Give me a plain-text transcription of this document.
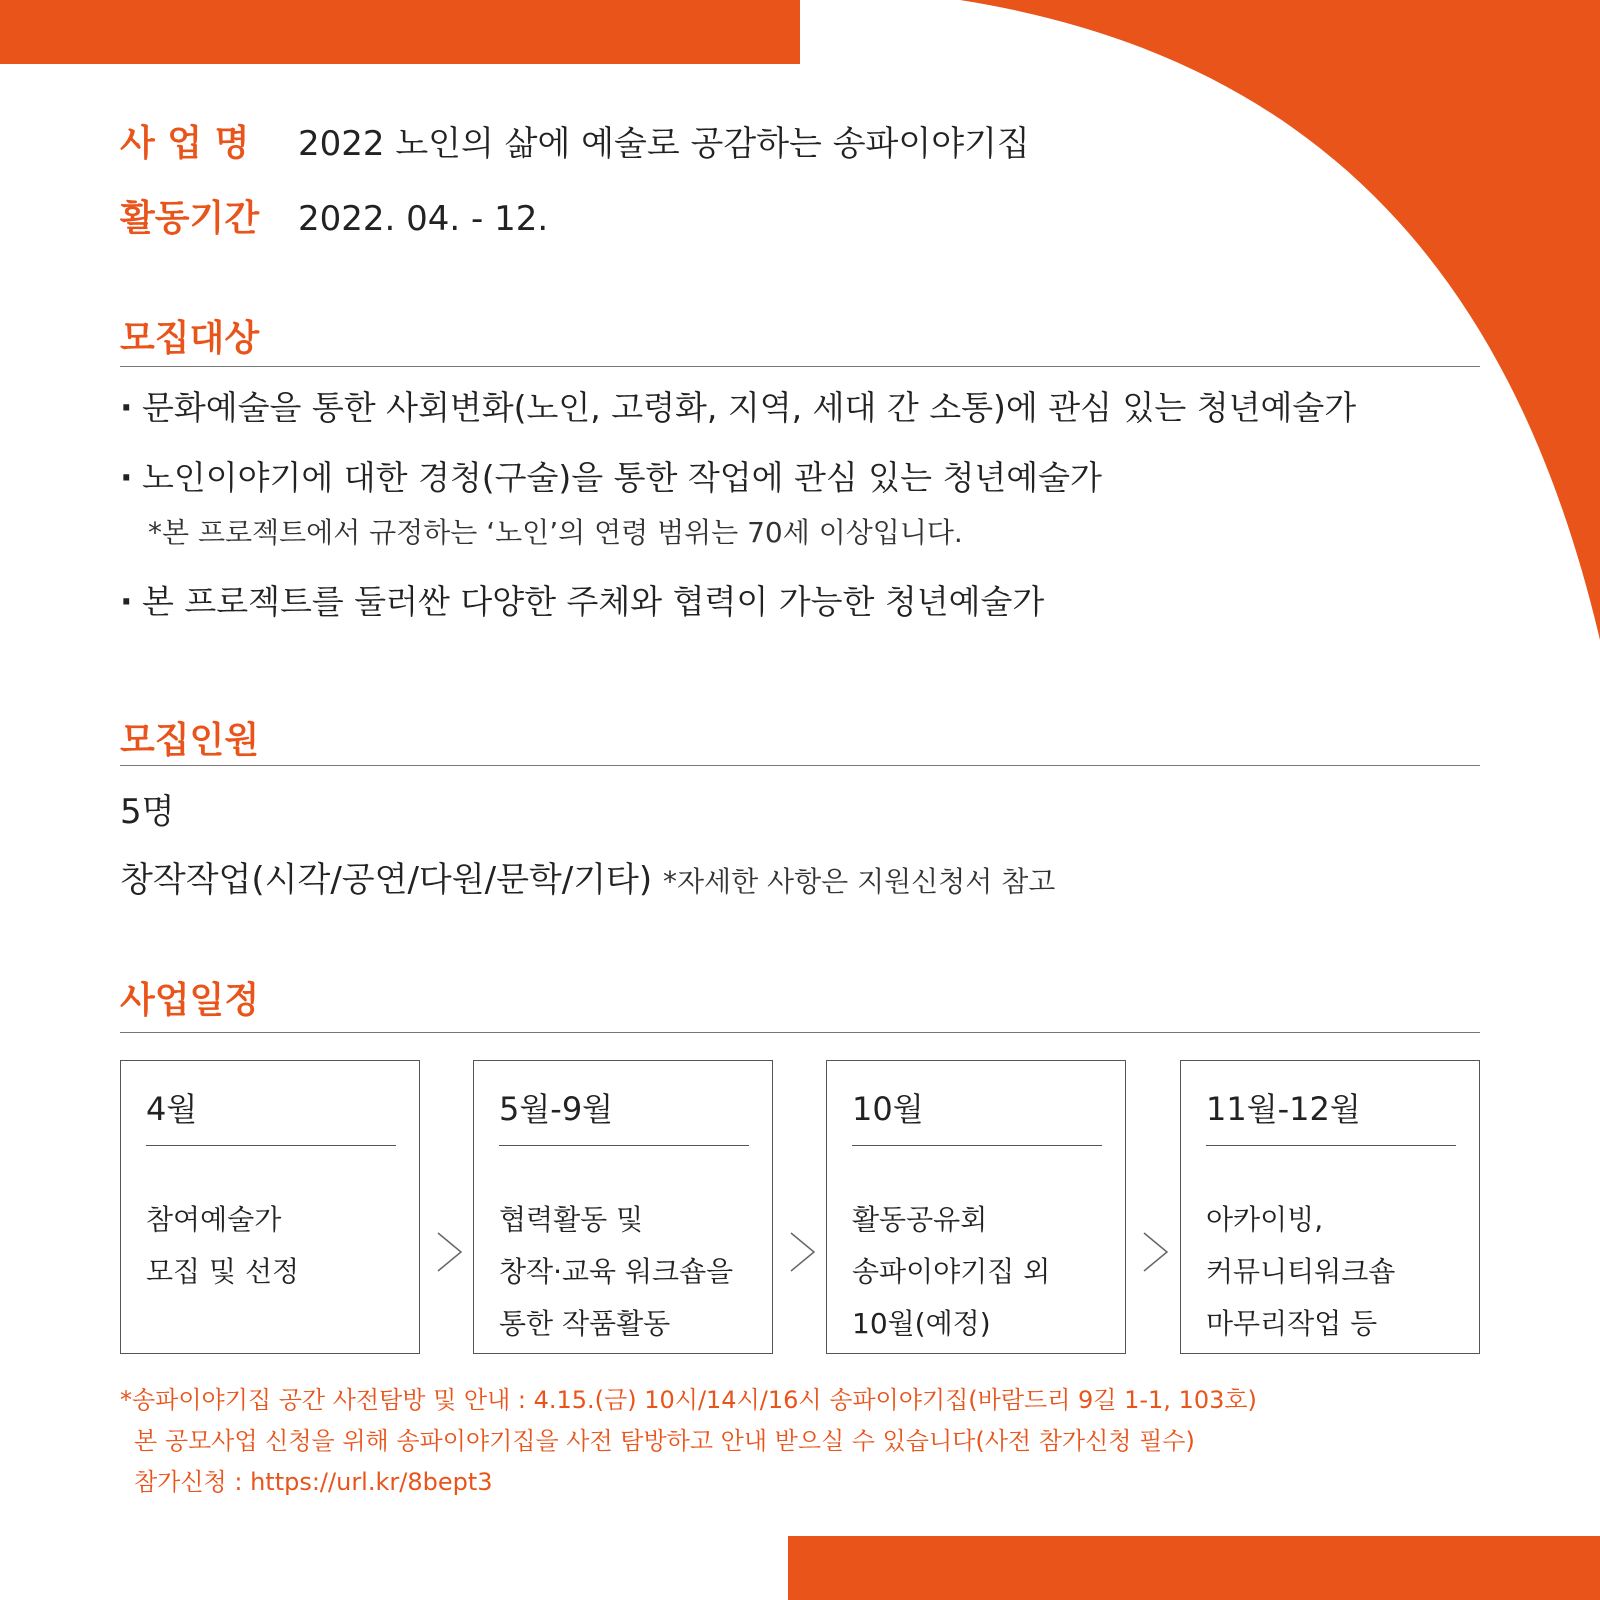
사 업 명	2022 노인의 삶에 예술로 공감하는 송파이야기집
활동기간	2022. 04. - 12.
모집대상
· 문화예술을 통한 사회변화(노인, 고령화, 지역, 세대 간 소통)에 관심 있는 청년예술가
· 노인이야기에 대한 경청(구술)을 통한 작업에 관심 있는 청년예술가
*본 프로젝트에서 규정하는 ‘노인’의 연령 범위는 70세 이상입니다.
· 본 프로젝트를 둘러싼 다양한 주체와 협력이 가능한 청년예술가
모집인원
5명
창작작업(시각/공연/다원/문학/기타) *자세한 사항은 지원신청서 참고
사업일정
4월
참여예술가
모집 및 선정
5월-9월
협력활동 및
창작·교육 워크숍을
통한 작품활동
10월
활동공유회
송파이야기집 외
10월(예정)
11월-12월
아카이빙,
커뮤니티워크숍
마무리작업 등
*송파이야기집 공간 사전탐방 및 안내 : 4.15.(금) 10시/14시/16시 송파이야기집(바람드리 9길 1-1, 103호)
본 공모사업 신청을 위해 송파이야기집을 사전 탐방하고 안내 받으실 수 있습니다(사전 참가신청 필수)
참가신청 : https://url.kr/8bept3
